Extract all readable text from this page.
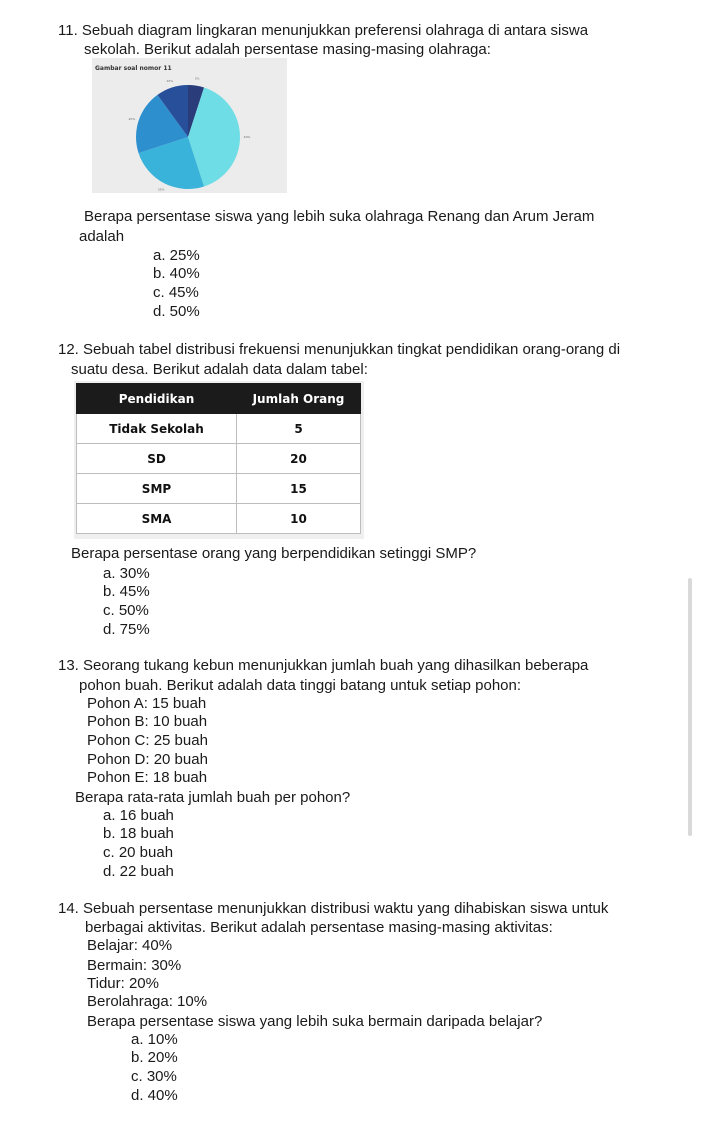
11. Sebuah diagram lingkaran menunjukkan preferensi olahraga di antara siswa
sekolah. Berikut adalah persentase masing-masing olahraga:
Gambar soal nomor 11
5%
40%
25%
20%
10%
Berapa persentase siswa yang lebih suka olahraga Renang dan Arum Jeram
adalah
a. 25%
b. 40%
c. 45%
d. 50%
12. Sebuah tabel distribusi frekuensi menunjukkan tingkat pendidikan orang-orang di
suatu desa. Berikut adalah data dalam tabel:
Pendidikan	Jumlah Orang
Tidak Sekolah	5
SD	20
SMP	15
SMA	10
Berapa persentase orang yang berpendidikan setinggi SMP?
a. 30%
b. 45%
c. 50%
d. 75%
13. Seorang tukang kebun menunjukkan jumlah buah yang dihasilkan beberapa
pohon buah. Berikut adalah data tinggi batang untuk setiap pohon:
Pohon A: 15 buah
Pohon B: 10 buah
Pohon C: 25 buah
Pohon D: 20 buah
Pohon E: 18 buah
Berapa rata-rata jumlah buah per pohon?
a. 16 buah
b. 18 buah
c. 20 buah
d. 22 buah
14. Sebuah persentase menunjukkan distribusi waktu yang dihabiskan siswa untuk
berbagai aktivitas. Berikut adalah persentase masing-masing aktivitas:
Belajar: 40%
Bermain: 30%
Tidur: 20%
Berolahraga: 10%
Berapa persentase siswa yang lebih suka bermain daripada belajar?
a. 10%
b. 20%
c. 30%
d. 40%
